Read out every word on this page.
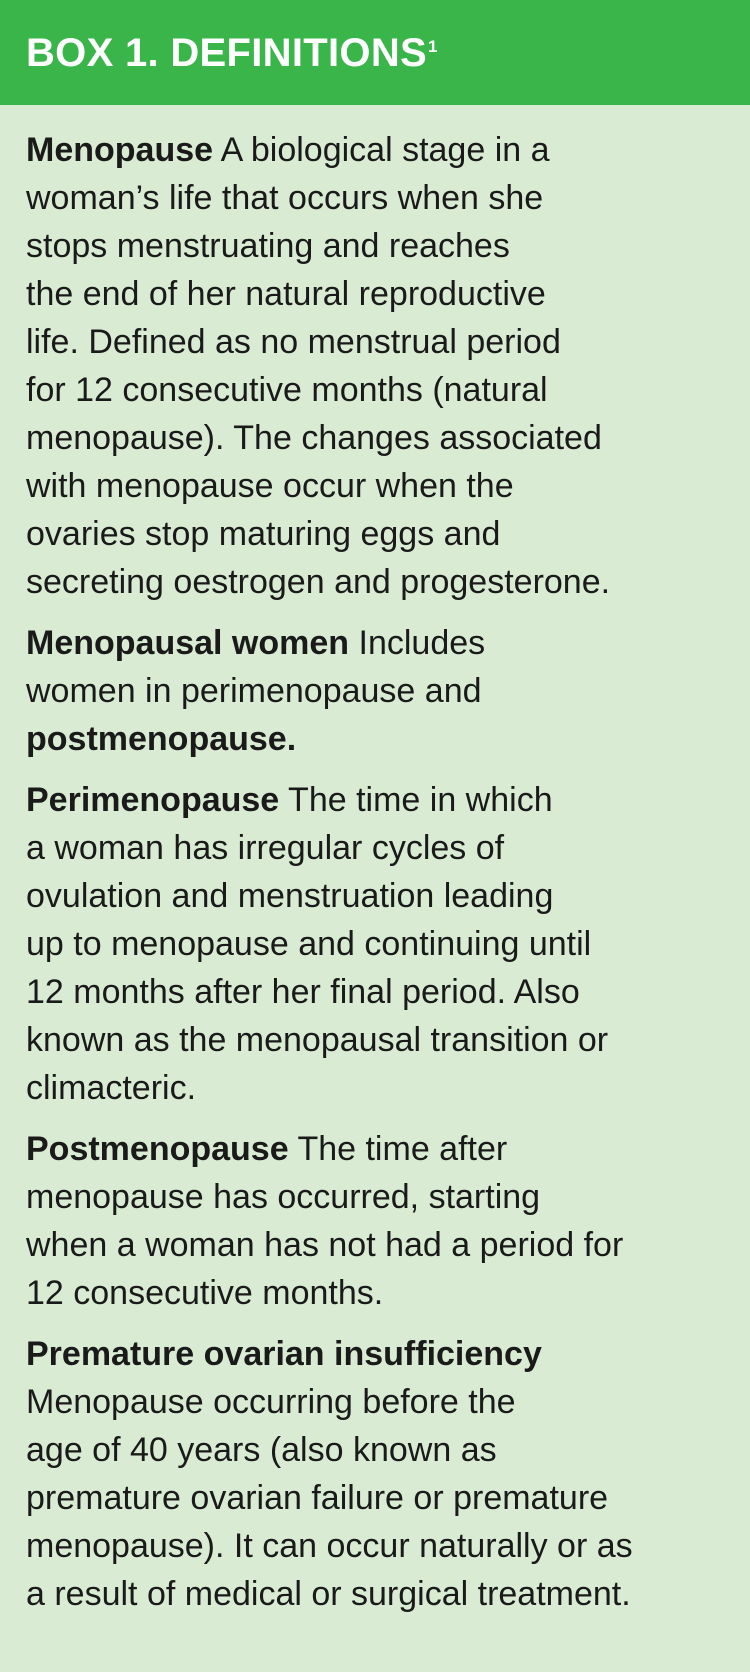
BOX 1. DEFINITIONS$^1$
Menopause A biological stage in a
woman’s life that occurs when she
stops menstruating and reaches
the end of her natural reproductive
life. Defined as no menstrual period
for 12 consecutive months (natural
menopause). The changes associated
with menopause occur when the
ovaries stop maturing eggs and
secreting oestrogen and progesterone.
Menopausal women Includes
women in perimenopause and
postmenopause.
Perimenopause The time in which
a woman has irregular cycles of
ovulation and menstruation leading
up to menopause and continuing until
12 months after her final period. Also
known as the menopausal transition or
climacteric.
Postmenopause The time after
menopause has occurred, starting
when a woman has not had a period for
12 consecutive months.
Premature ovarian insufficiency
Menopause occurring before the
age of 40 years (also known as
premature ovarian failure or premature
menopause). It can occur naturally or as
a result of medical or surgical treatment.
